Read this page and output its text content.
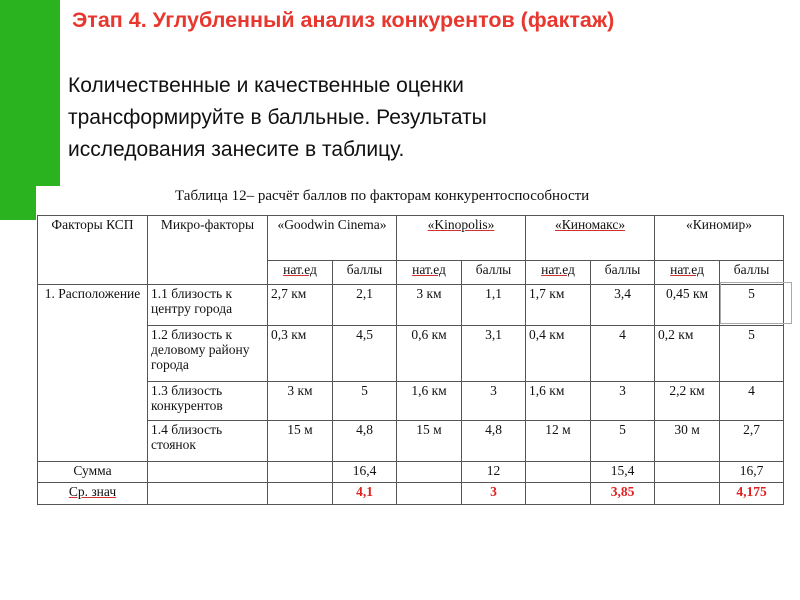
Этап 4. Углубленный анализ конкурентов (фактаж)
Количественные и качественные оценки
трансформируйте в балльные. Результаты
исследования занесите в таблицу.
Таблица 12– расчёт баллов по факторам конкурентоспособности
Факторы КСП	Микро-факторы	«Goodwin Cinema»		«Kinopolis»		«Киномакс»		«Киномир»	
		нат.ед	баллы	нат.ед	баллы	нат.ед	баллы	нат.ед	баллы
1. Расположение	1.1 близость к центру города	2,7 км	2,1	3 км	1,1	1,7 км	3,4	0,45 км	5
	1.2 близость к деловому району города	0,3 км	4,5	0,6 км	3,1	0,4 км	4	0,2 км	5
	1.3 близость конкурентов	3 км	5	1,6 км	3	1,6 км	3	2,2 км	4
	1.4 близость стоянок	15 м	4,8	15 м	4,8	12 м	5	30 м	2,7
Сумма			16,4		12		15,4		16,7
Ср. знач			4,1		3		3,85		4,175
